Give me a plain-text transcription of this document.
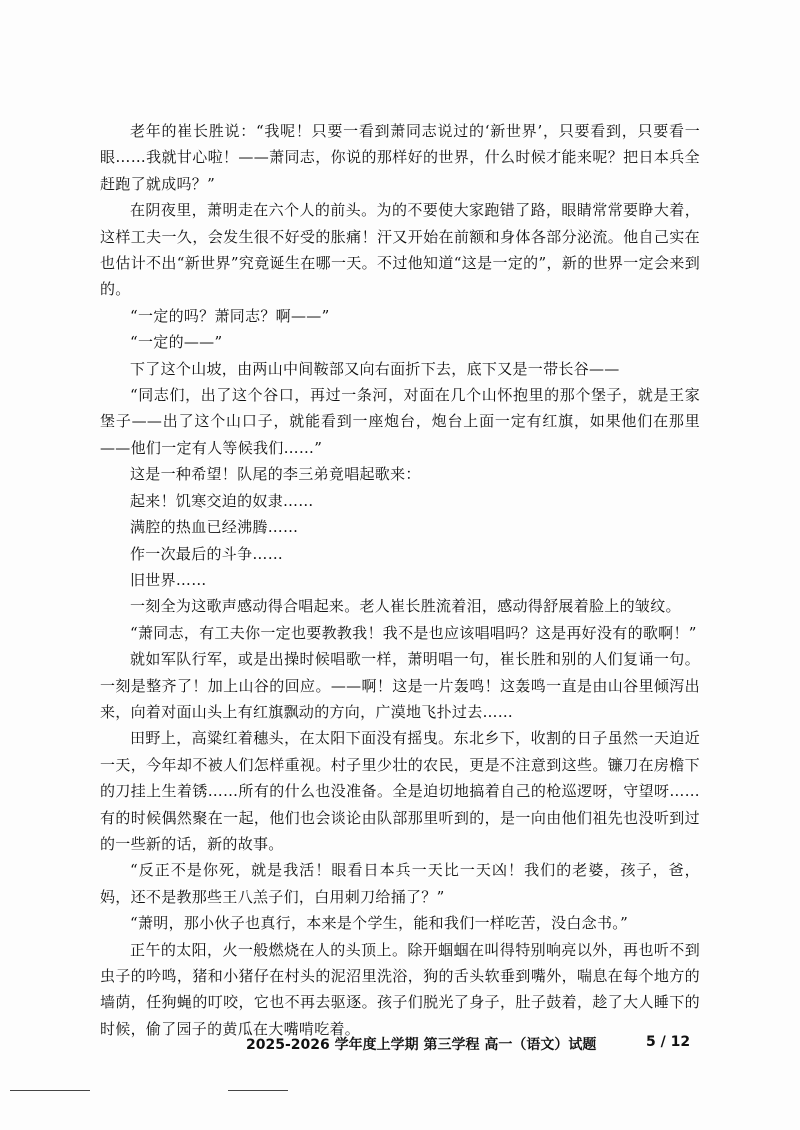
老年的崔长胜说：“我呢！只要一看到萧同志说过的‘新世界’，只要看到，只要看一眼……我就甘心啦！——萧同志，你说的那样好的世界，什么时候才能来呢？把日本兵全赶跑了就成吗？”

在阴夜里，萧明走在六个人的前头。为的不要使大家跑错了路，眼睛常常要睁大着，这样工夫一久，会发生很不好受的胀痛！汗又开始在前额和身体各部分泌流。他自己实在也估计不出“新世界”究竟诞生在哪一天。不过他知道“这是一定的”，新的世界一定会来到的。

“一定的吗？萧同志？啊——”

“一定的——”

下了这个山坡，由两山中间鞍部又向右面折下去，底下又是一带长谷——

“同志们，出了这个谷口，再过一条河，对面在几个山怀抱里的那个堡子，就是王家堡子——出了这个山口子，就能看到一座炮台，炮台上面一定有红旗，如果他们在那里——他们一定有人等候我们……”

这是一种希望！队尾的李三弟竟唱起歌来：

起来！饥寒交迫的奴隶……

满腔的热血已经沸腾……

作一次最后的斗争……

旧世界……

一刻全为这歌声感动得合唱起来。老人崔长胜流着泪，感动得舒展着脸上的皱纹。

“萧同志，有工夫你一定也要教教我！我不是也应该唱唱吗？这是再好没有的歌啊！”

就如军队行军，或是出操时候唱歌一样，萧明唱一句，崔长胜和别的人们复诵一句。一刻是整齐了！加上山谷的回应。——啊！这是一片轰鸣！这轰鸣一直是由山谷里倾泻出来，向着对面山头上有红旗飘动的方向，广漠地飞扑过去……

田野上，高粱红着穗头，在太阳下面没有摇曳。东北乡下，收割的日子虽然一天迫近一天，今年却不被人们怎样重视。村子里少壮的农民，更是不注意到这些。镰刀在房檐下的刀挂上生着锈……所有的什么也没准备。全是迫切地搞着自己的枪巡逻呀，守望呀……有的时候偶然聚在一起，他们也会谈论由队部那里听到的，是一向由他们祖先也没听到过的一些新的话，新的故事。

“反正不是你死，就是我活！眼看日本兵一天比一天凶！我们的老婆，孩子，爸，妈，还不是教那些王八羔子们，白用刺刀给捅了？”

“萧明，那小伙子也真行，本来是个学生，能和我们一样吃苦，没白念书。”

正午的太阳，火一般燃烧在人的头顶上。除开蝈蝈在叫得特别响亮以外，再也听不到虫子的吟鸣，猪和小猪仔在村头的泥沼里洗浴，狗的舌头软垂到嘴外，喘息在每个地方的墙荫，任狗蝇的叮咬，它也不再去驱逐。孩子们脱光了身子，肚子鼓着，趁了大人睡下的时候，偷了园子的黄瓜在大嘴啃吃着。

2025-2026 学年度上学期 第三学程 高一（语文）试题	5 / 12
